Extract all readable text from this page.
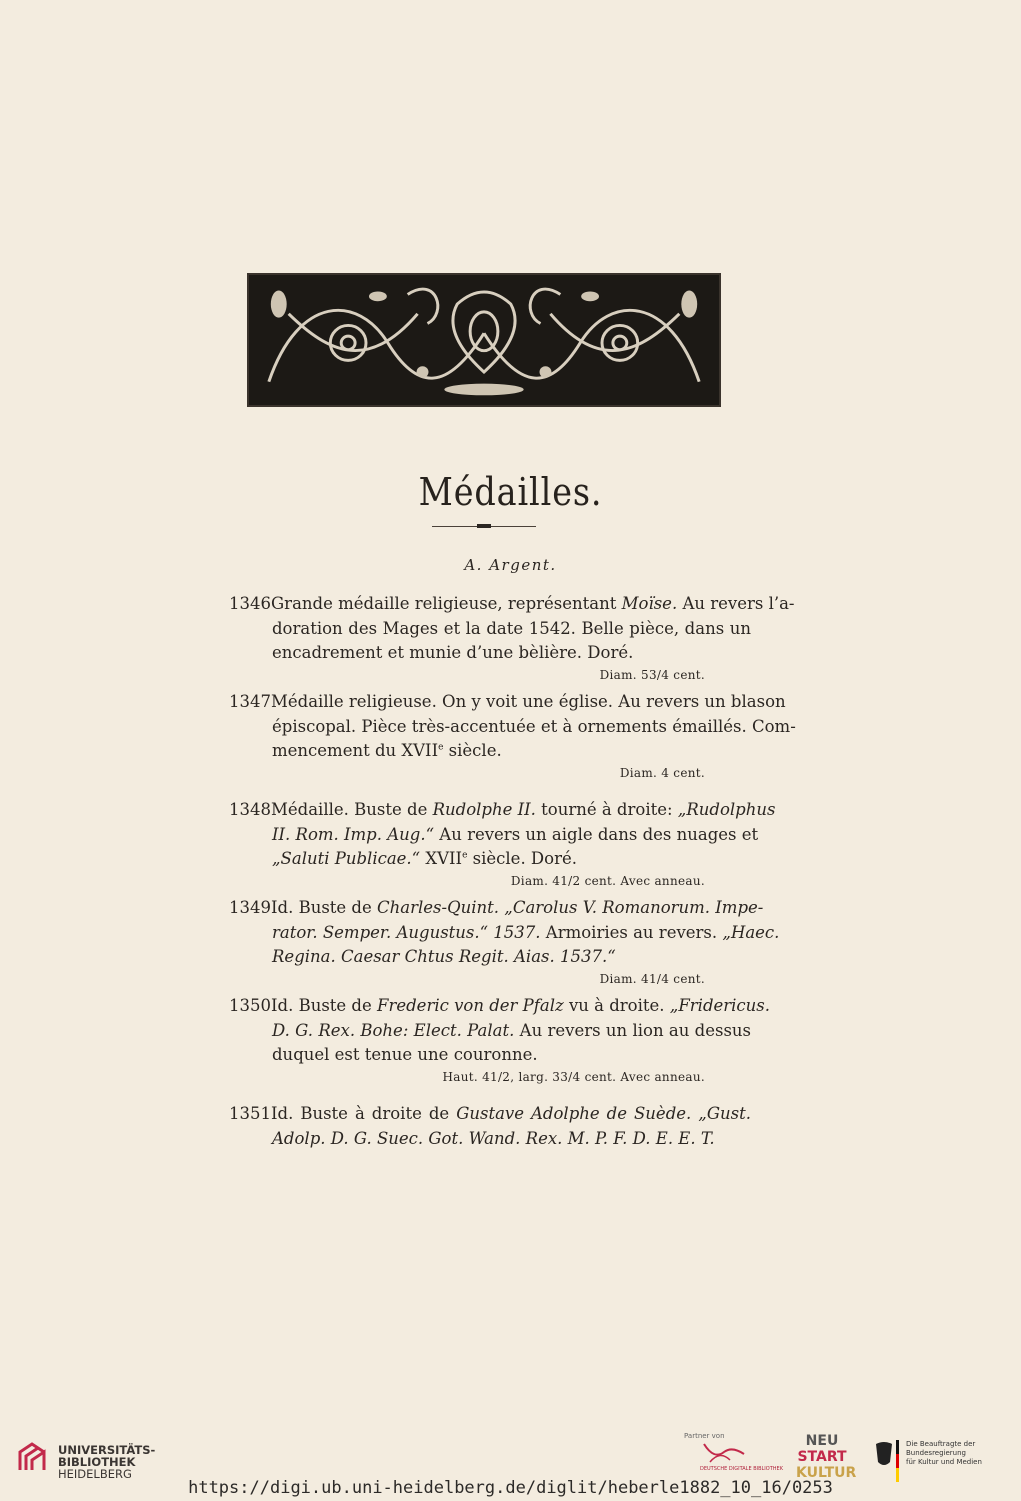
Médailles.
A. Argent.
1346 Grande médaille religieuse, représentant Moïse. Au revers l’a-
doration des Mages et la date 1542. Belle pièce, dans un
encadrement et munie d’une bèlière. Doré.
Diam. 53/4 cent.
1347 Médaille religieuse. On y voit une église. Au revers un blason
épiscopal. Pièce très-accentuée et à ornements émaillés. Com-
mencement du XVIIe siècle.
Diam. 4 cent.
1348 Médaille. Buste de Rudolphe II. tourné à droite: „Rudolphus
II. Rom. Imp. Aug.“ Au revers un aigle dans des nuages et
„Saluti Publicae.“ XVIIe siècle. Doré.
Diam. 41/2 cent. Avec anneau.
1349 Id. Buste de Charles-Quint. „Carolus V. Romanorum. Impe-
rator. Semper. Augustus.“ 1537. Armoiries au revers. „Haec.
Regina. Caesar Chtus Regit. Aias. 1537.“
Diam. 41/4 cent.
1350 Id. Buste de Frederic von der Pfalz vu à droite. „Fridericus.
D. G. Rex. Bohe: Elect. Palat. Au revers un lion au dessus
duquel est tenue une couronne.
Haut. 41/2, larg. 33/4 cent. Avec anneau.
1351 Id. Buste à droite de Gustave Adolphe de Suède. „Gust.
Adolp. D. G. Suec. Got. Wand. Rex. M. P. F. D. E. E. T.
UNIVERSITÄTS-
BIBLIOTHEK
HEIDELBERG
Partner von
DEUTSCHE DIGITALE BIBLIOTHEK
NEU
START
KULTUR
Die Beauftragte der Bundesregierung
für Kultur und Medien
https://digi.ub.uni-heidelberg.de/diglit/heberle1882_10_16/0253
